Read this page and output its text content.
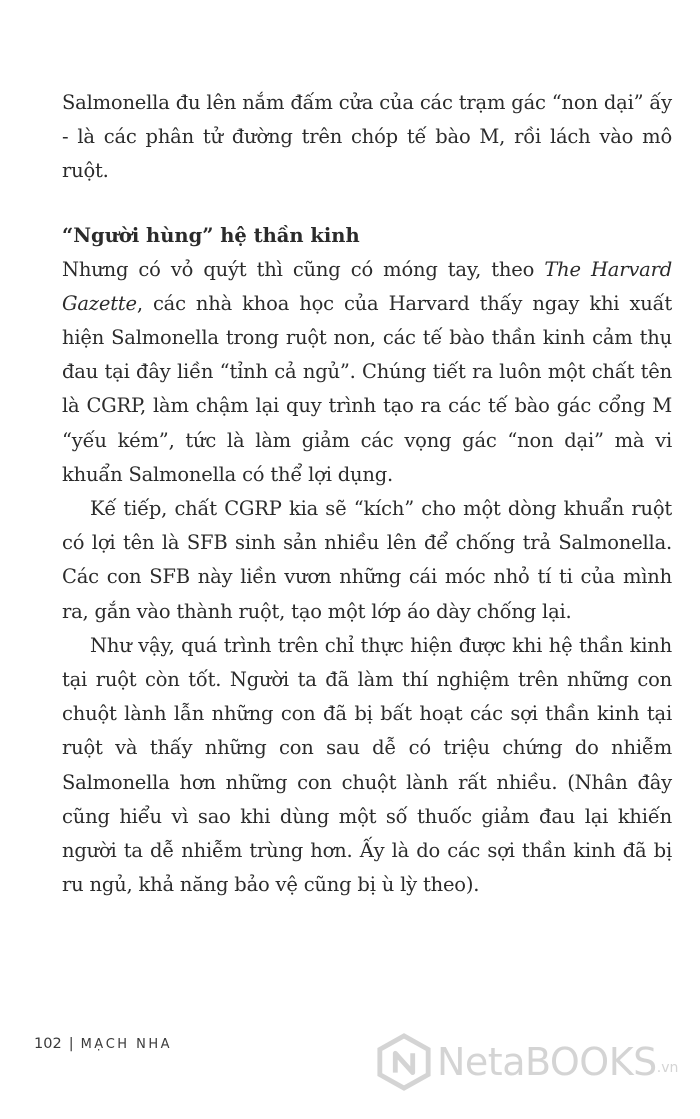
Salmonella đu lên nắm đấm cửa của các trạm gác “non dại” ấy - là các phân tử đường trên chóp tế bào M, rồi lách vào mô ruột.

“Người hùng” hệ thần kinh

Nhưng có vỏ quýt thì cũng có móng tay, theo The Harvard Gazette, các nhà khoa học của Harvard thấy ngay khi xuất hiện Salmonella trong ruột non, các tế bào thần kinh cảm thụ đau tại đây liền “tỉnh cả ngủ”. Chúng tiết ra luôn một chất tên là CGRP, làm chậm lại quy trình tạo ra các tế bào gác cổng M “yếu kém”, tức là làm giảm các vọng gác “non dại” mà vi khuẩn Salmonella có thể lợi dụng.

Kế tiếp, chất CGRP kia sẽ “kích” cho một dòng khuẩn ruột có lợi tên là SFB sinh sản nhiều lên để chống trả Salmonella. Các con SFB này liền vươn những cái móc nhỏ tí ti của mình ra, gắn vào thành ruột, tạo một lớp áo dày chống lại.

Như vậy, quá trình trên chỉ thực hiện được khi hệ thần kinh tại ruột còn tốt. Người ta đã làm thí nghiệm trên những con chuột lành lẫn những con đã bị bất hoạt các sợi thần kinh tại ruột và thấy những con sau dễ có triệu chứng do nhiễm Salmonella hơn những con chuột lành rất nhiều. (Nhân đây cũng hiểu vì sao khi dùng một số thuốc giảm đau lại khiến người ta dễ nhiễm trùng hơn. Ấy là do các sợi thần kinh đã bị ru ngủ, khả năng bảo vệ cũng bị ù lỳ theo).

102 | MẠCH NHA	NetaBOOKS .vn
